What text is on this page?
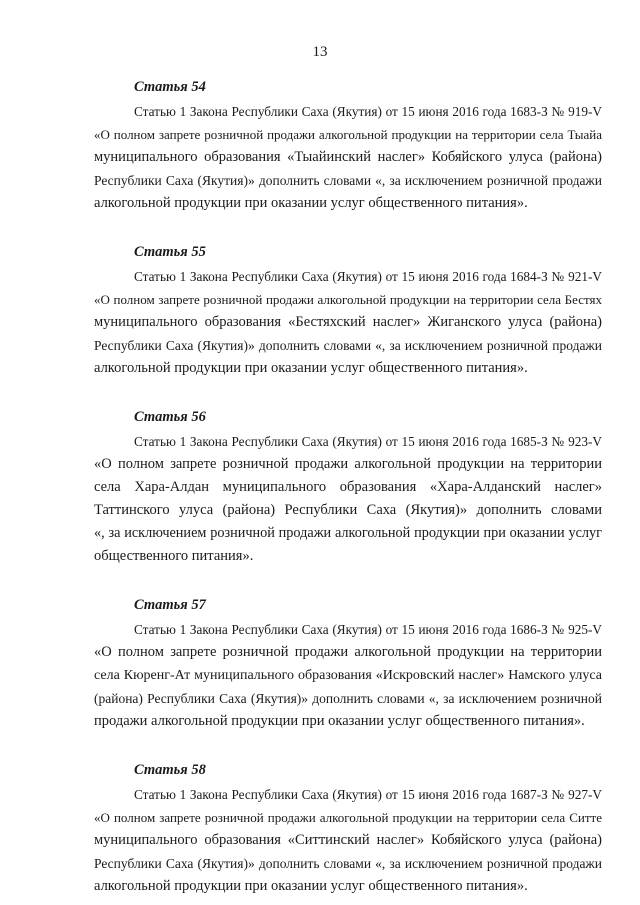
13
Статья 54
Статью 1 Закона Республики Саха (Якутия) от 15 июня 2016 года 1683-З № 919-V
«О полном запрете розничной продажи алкогольной продукции на территории села Тыайа
муниципального образования «Тыайинский наслег» Кобяйского улуса (района)
Республики Саха (Якутия)» дополнить словами «, за исключением розничной продажи
алкогольной продукции при оказании услуг общественного питания».
Статья 55
Статью 1 Закона Республики Саха (Якутия) от 15 июня 2016 года 1684-З № 921-V
«О полном запрете розничной продажи алкогольной продукции на территории села Бестях
муниципального образования «Бестяхский наслег» Жиганского улуса (района)
Республики Саха (Якутия)» дополнить словами «, за исключением розничной продажи
алкогольной продукции при оказании услуг общественного питания».
Статья 56
Статью 1 Закона Республики Саха (Якутия) от 15 июня 2016 года 1685-З № 923-V
«О полном запрете розничной продажи алкогольной продукции на территории
села Хара-Алдан муниципального образования «Хара-Алданский наслег»
Таттинского улуса (района) Республики Саха (Якутия)» дополнить словами
«, за исключением розничной продажи алкогольной продукции при оказании услуг
общественного питания».
Статья 57
Статью 1 Закона Республики Саха (Якутия) от 15 июня 2016 года 1686-З № 925-V
«О полном запрете розничной продажи алкогольной продукции на территории
села Кюренг-Ат муниципального образования «Искровский наслег» Намского улуса
(района) Республики Саха (Якутия)» дополнить словами «, за исключением розничной
продажи алкогольной продукции при оказании услуг общественного питания».
Статья 58
Статью 1 Закона Республики Саха (Якутия) от 15 июня 2016 года 1687-З № 927-V
«О полном запрете розничной продажи алкогольной продукции на территории села Ситте
муниципального образования «Ситтинский наслег» Кобяйского улуса (района)
Республики Саха (Якутия)» дополнить словами «, за исключением розничной продажи
алкогольной продукции при оказании услуг общественного питания».
